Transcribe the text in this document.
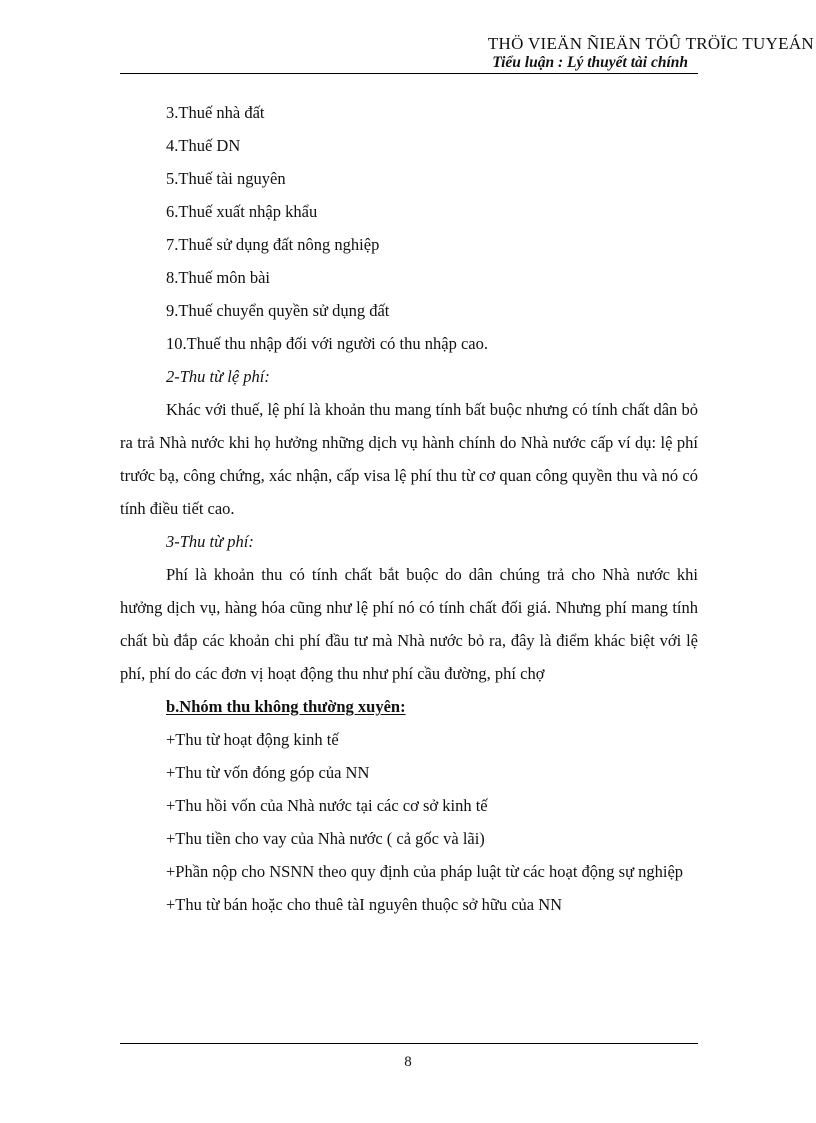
THÖ VIEÄN ÑIEÄN TÖÛ TRÖÏC TUYEÁN
Tiểu luận : Lý thuyết tài chính

3.Thuế nhà đất

4.Thuế DN

5.Thuế tài nguyên

6.Thuế xuất nhập khẩu

7.Thuế sử dụng đất nông nghiệp

8.Thuế môn bài

9.Thuế chuyển quyền sử dụng đất

10.Thuế thu nhập đối với người có thu nhập cao.

2-Thu từ lệ phí:

Khác với thuế, lệ phí là khoản thu mang tính bất buộc nhưng có tính chất dân bỏ ra trả Nhà nước khi họ hưởng những dịch vụ hành chính do Nhà nước cấp ví dụ: lệ phí trước bạ, công chứng, xác nhận, cấp visa lệ phí thu từ cơ quan công quyền thu và nó có tính điều tiết cao.

3-Thu từ phí:

Phí là khoản thu có tính chất bắt buộc do dân chúng trả cho Nhà nước khi hưởng dịch vụ, hàng hóa cũng như lệ phí nó có tính chất đối giá. Nhưng phí mang tính chất bù đắp các khoản chi phí đầu tư mà Nhà nước bỏ ra, đây là điểm khác biệt với lệ phí, phí do các đơn vị hoạt động thu như phí cầu đường, phí chợ

b.Nhóm thu không thường xuyên:

+Thu từ hoạt động kinh tế

+Thu từ vốn đóng góp của NN

+Thu hồi vốn của Nhà nước tại các cơ sở kinh tế

+Thu tiền cho vay của Nhà nước ( cả gốc và lãi)

+Phần nộp cho NSNN theo quy định của pháp luật từ các hoạt động sự nghiệp

+Thu từ bán hoặc cho thuê tàI nguyên thuộc sở hữu của NN

8
